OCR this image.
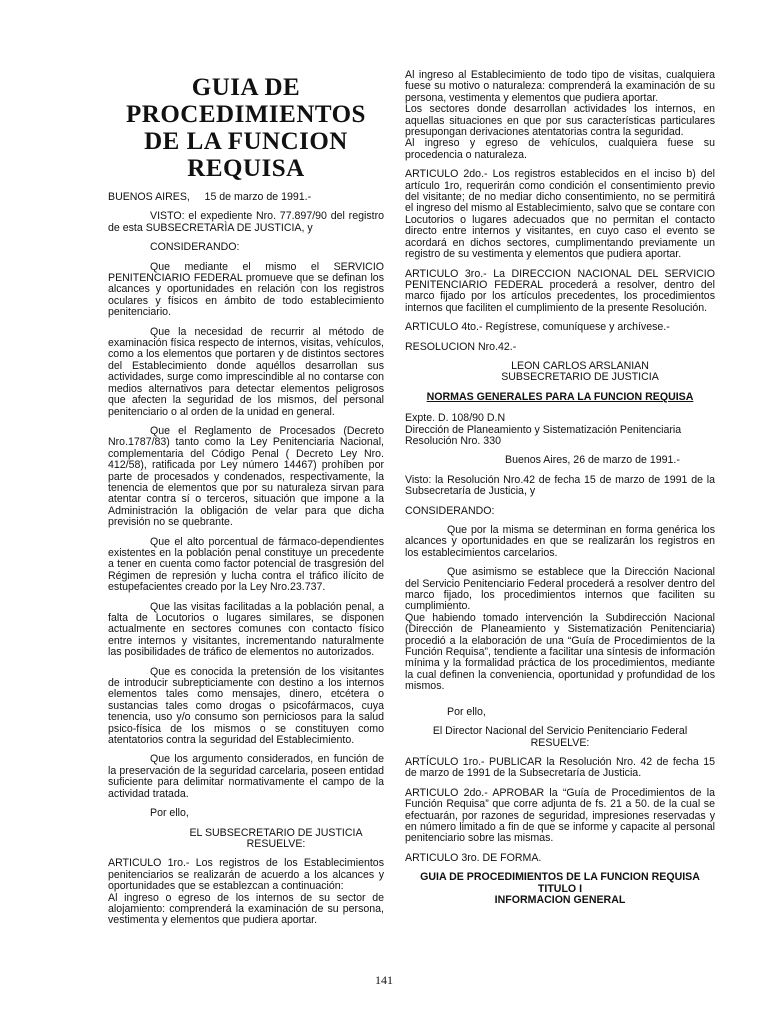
GUIA DE
PROCEDIMIENTOS
DE LA FUNCION
REQUISA

BUENOS AIRES,     15 de marzo de 1991.-

VISTO: el expediente Nro. 77.897/90 del registro de esta SUBSECRETARÌA DE JUSTICIA, y

CONSIDERANDO:

Que mediante el mismo el SERVICIO PENITENCIARIO FEDERAL promueve que se definan los alcances y oportunidades en relación con los registros oculares y físicos en ámbito de todo establecimiento penitenciario.

Que la necesidad de recurrir al método de examinación física respecto de internos, visitas, vehículos, como a los elementos que portaren y de distintos sectores del Establecimiento donde aquéllos desarrollan sus actividades, surge como imprescindible al no contarse con medios alternativos para detectar elementos peligrosos que afecten la seguridad de los mismos, del personal penitenciario o al orden de la unidad en general.

Que el Reglamento de Procesados (Decreto Nro.1787/83) tanto como la Ley Penitenciaria Nacional, complementaria del Código Penal ( Decreto Ley Nro. 412/58), ratificada por Ley número 14467) prohíben por parte de procesados y condenados, respectivamente, la tenencia de elementos que por su naturaleza sirvan para atentar contra sí o terceros, situación que impone a la Administración la obligación de velar para que dicha previsión no se quebrante.

Que el alto porcentual de fármaco-dependientes existentes en la población penal constituye un precedente a tener en cuenta como factor potencial de trasgresión del Régimen de represión y lucha contra el tráfico ilícito de estupefacientes creado por la Ley Nro.23.737.

Que las visitas facilitadas a la población penal, a falta de Locutorios o lugares similares, se disponen actualmente en sectores comunes con contacto físico entre internos y visitantes, incrementando naturalmente las posibilidades de tráfico de elementos no autorizados.

Que es conocida la pretensión de los visitantes de introducir subrepticiamente con destino a los internos elementos tales como mensajes, dinero, etcétera o sustancias tales como drogas o psicofármacos, cuya tenencia, uso y/o consumo son perniciosos para la salud psico-física de los mismos o se constituyen como atentatorios contra la seguridad del Establecimiento.

Que los argumento considerados, en función de la preservación de la seguridad carcelaria, poseen entidad suficiente para delimitar normativamente el campo de la actividad tratada.

Por ello,

EL SUBSECRETARIO DE JUSTICIA

RESUELVE:

ARTICULO 1ro.- Los registros de los Establecimientos penitenciarios se realizarán de acuerdo a los alcances y oportunidades que se establezcan a continuación:

Al ingreso o egreso de los internos de su sector de alojamiento: comprenderá la examinación de su persona, vestimenta y elementos que pudiera aportar.

Al ingreso al Establecimiento de todo tipo de visitas, cualquiera fuese su motivo o naturaleza: comprenderá la examinación de su persona, vestimenta y elementos que pudiera aportar.

Los sectores donde desarrollan actividades los internos, en aquellas situaciones en que por sus características particulares presupongan derivaciones atentatorias contra la seguridad.

Al ingreso y egreso de vehículos, cualquiera fuese su procedencia o naturaleza.

ARTICULO 2do.- Los registros establecidos en el inciso b) del artículo 1ro, requerirán como condición el consentimiento previo del visitante; de no mediar dicho consentimiento, no se permitirá el ingreso del mismo al Establecimiento, salvo que se contare con Locutorios o lugares adecuados que no permitan el contacto directo entre internos y visitantes, en cuyo caso el evento se acordará en dichos sectores, cumplimentando previamente un registro de su vestimenta y elementos que pudiera aportar.

ARTICULO 3ro.- La DIRECCION NACIONAL DEL SERVICIO PENITENCIARIO FEDERAL procederá a resolver, dentro del marco fijado por los artículos precedentes, los procedimientos internos que faciliten el cumplimiento de la presente Resolución.

ARTICULO 4to.- Regístrese, comuníquese y archívese.-

RESOLUCION Nro.42.-

LEON CARLOS ARSLANIAN

SUBSECRETARIO DE JUSTICIA

NORMAS GENERALES PARA LA FUNCION REQUISA

Expte. D. 108/90 D.N

Dirección de Planeamiento y Sistematización Penitenciaria

Resolución Nro. 330

Buenos Aires, 26 de marzo de 1991.-

Visto: la Resolución Nro.42 de fecha 15 de marzo de 1991 de la Subsecretaría de Justicia, y

CONSIDERANDO:

Que por la misma se determinan en forma genérica los alcances y oportunidades en que se realizarán los registros en los establecimientos carcelarios.

Que asimismo se establece que la Dirección Nacional del Servicio Penitenciario Federal procederá a resolver dentro del marco fijado, los procedimientos internos que faciliten su cumplimiento.

Que habiendo tomado intervención la Subdirección Nacional (Dirección de Planeamiento y Sistematización Penitenciaria) procedió a la elaboración de una “Guía de Procedimientos de la Función Requisa”, tendiente a facilitar una síntesis de información mínima y la formalidad práctica de los procedimientos, mediante la cual definen la conveniencia, oportunidad y profundidad de los mismos.

Por ello,

El Director Nacional del Servicio Penitenciario Federal

RESUELVE:

ARTÍCULO 1ro.- PUBLICAR la Resolución Nro. 42 de fecha 15 de marzo de 1991 de la Subsecretaría de Justicia.

ARTICULO 2do.- APROBAR la “Guía de Procedimientos de la Función Requisa” que corre adjunta de fs. 21 a 50. de la cual se efectuarán, por razones de seguridad, impresiones reservadas y en número limitado a fin de que se informe y capacite al personal penitenciario sobre las mismas.

ARTICULO 3ro. DE FORMA.

GUIA DE PROCEDIMIENTOS DE LA FUNCION REQUISA

TITULO I

INFORMACION GENERAL

141
